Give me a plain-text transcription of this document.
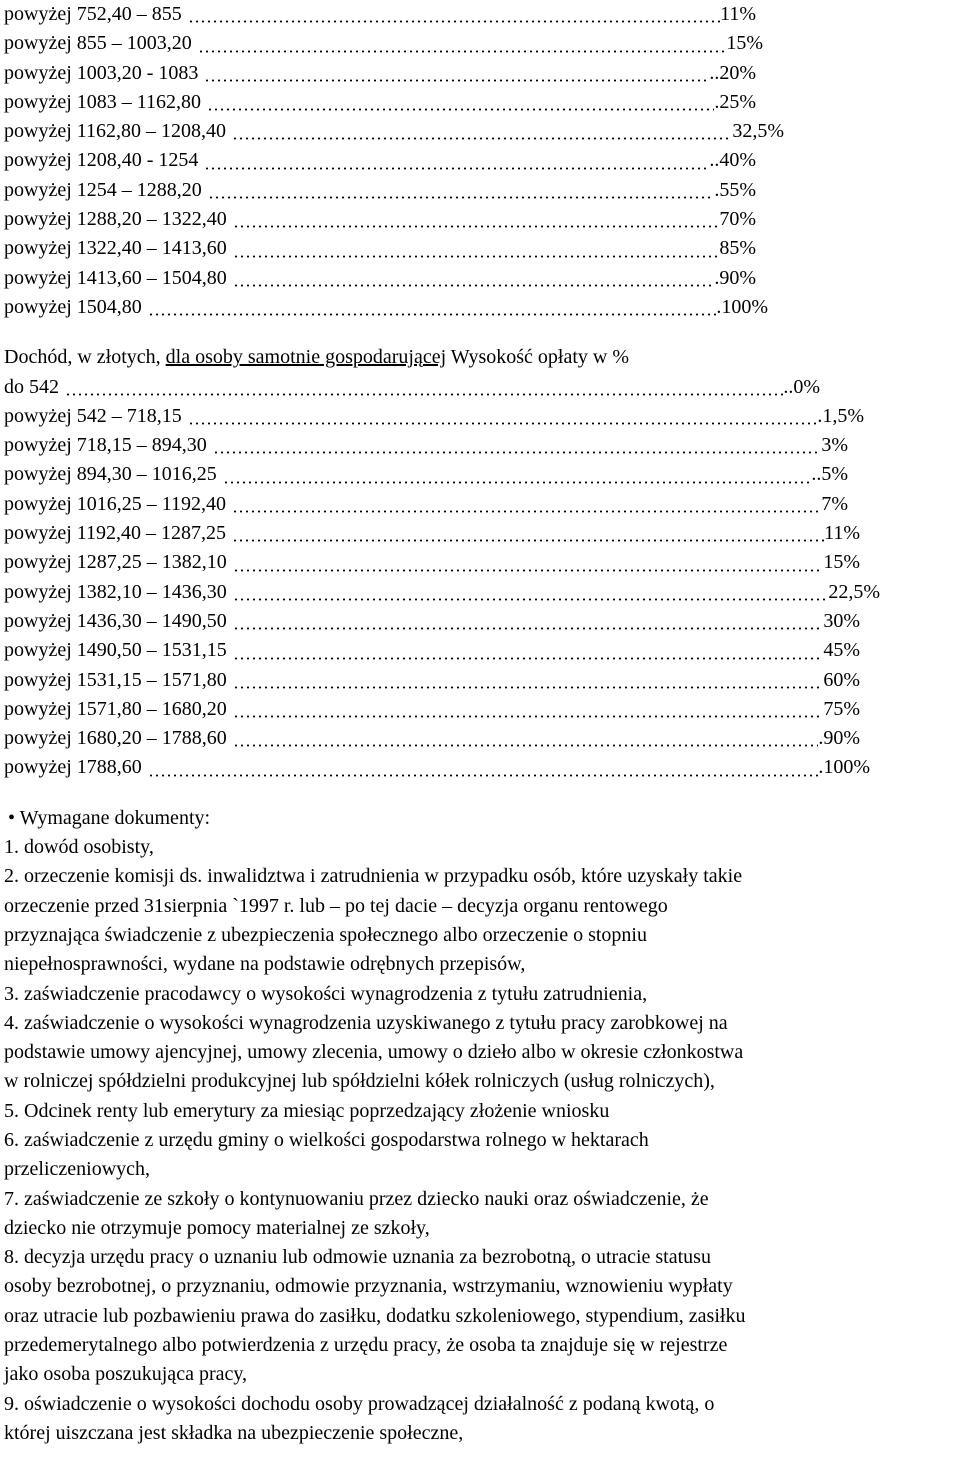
powyżej 752,40 – 855	11%
powyżej 855 – 1003,20	15%
powyżej 1003,20 - 1083	..20%
powyżej 1083 – 1162,80	.25%
powyżej 1162,80 – 1208,40	32,5%
powyżej 1208,40 - 1254	..40%
powyżej 1254 – 1288,20	.55%
powyżej 1288,20 – 1322,40	70%
powyżej 1322,40 – 1413,60	85%
powyżej 1413,60 – 1504,80	.90%
powyżej 1504,80	.100%
Dochód, w złotych, dla osoby samotnie gospodarującej Wysokość opłaty w %
do 542	..0%
powyżej 542 – 718,15	.1,5%
powyżej 718,15 – 894,30	3%
powyżej 894,30 – 1016,25	..5%
powyżej 1016,25 – 1192,40	7%
powyżej 1192,40 – 1287,25	11%
powyżej 1287,25 – 1382,10	15%
powyżej 1382,10 – 1436,30	22,5%
powyżej 1436,30 – 1490,50	30%
powyżej 1490,50 – 1531,15	45%
powyżej 1531,15 – 1571,80	60%
powyżej 1571,80 – 1680,20	75%
powyżej 1680,20 – 1788,60	.90%
powyżej 1788,60	.100%
• Wymagane dokumenty:
1. dowód osobisty,
2. orzeczenie komisji ds. inwalidztwa i zatrudnienia w przypadku osób, które uzyskały takie
orzeczenie przed 31sierpnia `1997 r. lub – po tej dacie – decyzja organu rentowego
przyznająca świadczenie z ubezpieczenia społecznego albo orzeczenie o stopniu
niepełnosprawności, wydane na podstawie odrębnych przepisów,
3. zaświadczenie pracodawcy o wysokości wynagrodzenia z tytułu zatrudnienia,
4. zaświadczenie o wysokości wynagrodzenia uzyskiwanego z tytułu pracy zarobkowej na
podstawie umowy ajencyjnej, umowy zlecenia, umowy o dzieło albo w okresie członkostwa
w rolniczej spółdzielni produkcyjnej lub spółdzielni kółek rolniczych (usług rolniczych),
5. Odcinek renty lub emerytury za miesiąc poprzedzający złożenie wniosku
6. zaświadczenie z urzędu gminy o wielkości gospodarstwa rolnego w hektarach
przeliczeniowych,
7. zaświadczenie ze szkoły o kontynuowaniu przez dziecko nauki oraz oświadczenie, że
dziecko nie otrzymuje pomocy materialnej ze szkoły,
8. decyzja urzędu pracy o uznaniu lub odmowie uznania za bezrobotną, o utracie statusu
osoby bezrobotnej, o przyznaniu, odmowie przyznania, wstrzymaniu, wznowieniu wypłaty
oraz utracie lub pozbawieniu prawa do zasiłku, dodatku szkoleniowego, stypendium, zasiłku
przedemerytalnego albo potwierdzenia z urzędu pracy, że osoba ta znajduje się w rejestrze
jako osoba poszukująca pracy,
9. oświadczenie o wysokości dochodu osoby prowadzącej działalność z podaną kwotą, o
której uiszczana jest składka na ubezpieczenie społeczne,
